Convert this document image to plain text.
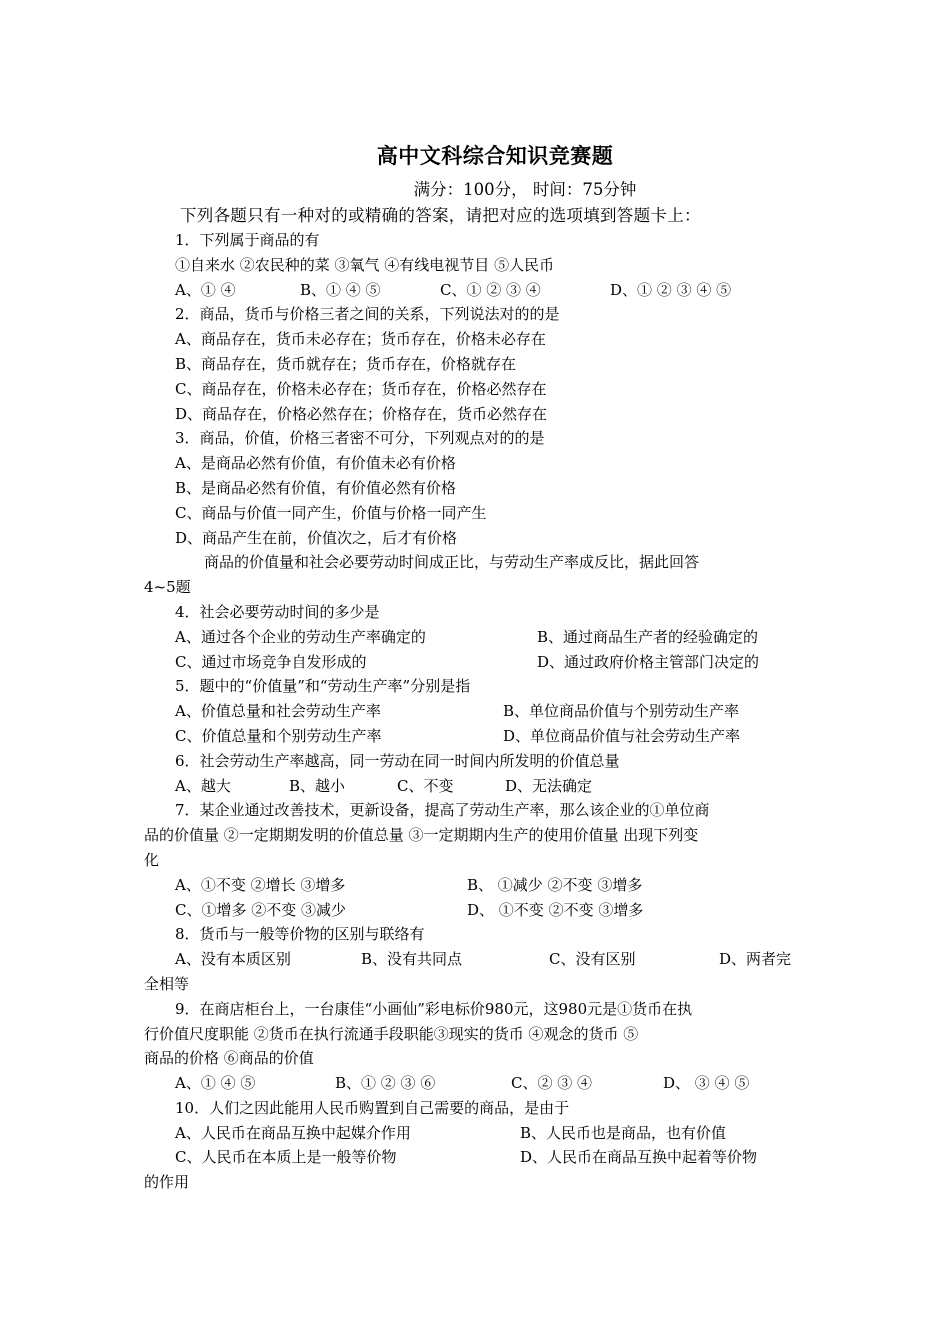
高中文科综合知识竞赛题
满分：100分， 时间：75分钟
下列各题只有一种对的或精确的答案，请把对应的选项填到答题卡上：
1．下列属于商品的有
①自来水 ②农民种的菜 ③氧气 ④有线电视节目 ⑤人民币
A、① ④	B、① ④ ⑤	C、① ② ③ ④	D、① ② ③ ④ ⑤
2．商品，货币与价格三者之间的关系，下列说法对的的是
A、商品存在，货币未必存在；货币存在，价格未必存在
B、商品存在，货币就存在；货币存在，价格就存在
C、商品存在，价格未必存在；货币存在，价格必然存在
D、商品存在，价格必然存在；价格存在，货币必然存在
3．商品，价值，价格三者密不可分，下列观点对的的是
A、是商品必然有价值，有价值未必有价格
B、是商品必然有价值，有价值必然有价格
C、商品与价值一同产生，价值与价格一同产生
D、商品产生在前，价值次之，后才有价格
商品的价值量和社会必要劳动时间成正比，与劳动生产率成反比，据此回答
4~5题
4．社会必要劳动时间的多少是
A、通过各个企业的劳动生产率确定的	B、通过商品生产者的经验确定的
C、通过市场竞争自发形成的	D、通过政府价格主管部门决定的
5．题中的“价值量”和“劳动生产率”分别是指
A、价值总量和社会劳动生产率	B、单位商品价值与个别劳动生产率
C、价值总量和个别劳动生产率	D、单位商品价值与社会劳动生产率
6．社会劳动生产率越高，同一劳动在同一时间内所发明的价值总量
A、越大	B、越小	C、不变	D、无法确定
7．某企业通过改善技术，更新设备，提高了劳动生产率，那么该企业的①单位商
品的价值量 ②一定期期发明的价值总量 ③一定期期内生产的使用价值量 出现下列变
化
A、①不变 ②增长 ③增多	B、 ①减少 ②不变 ③增多
C、①增多 ②不变 ③减少	D、 ①不变 ②不变 ③增多
8．货币与一般等价物的区别与联络有
A、没有本质区别	B、没有共同点	C、没有区别	D、两者完
全相等
9．在商店柜台上，一台康佳“小画仙”彩电标价980元，这980元是①货币在执
行价值尺度职能 ②货币在执行流通手段职能③现实的货币 ④观念的货币 ⑤
商品的价格 ⑥商品的价值
A、① ④ ⑤	B、① ② ③ ⑥	C、② ③ ④	D、 ③ ④ ⑤
10．人们之因此能用人民币购置到自己需要的商品，是由于
A、人民币在商品互换中起媒介作用	B、人民币也是商品，也有价值
C、人民币在本质上是一般等价物	D、人民币在商品互换中起着等价物
的作用
